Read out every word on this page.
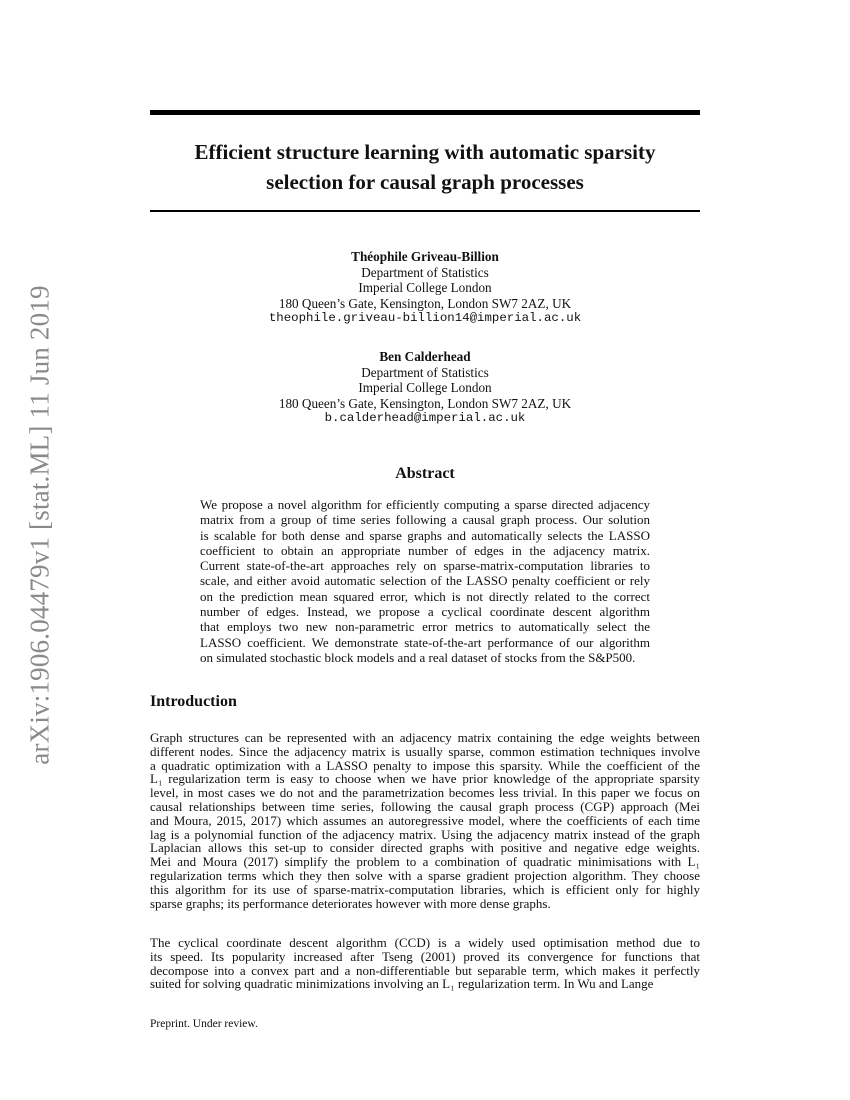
arXiv:1906.04479v1 [stat.ML] 11 Jun 2019
Efficient structure learning with automatic sparsity
selection for causal graph processes
Théophile Griveau-Billion
Department of Statistics
Imperial College London
180 Queen’s Gate, Kensington, London SW7 2AZ, UK
theophile.griveau-billion14@imperial.ac.uk
Ben Calderhead
Department of Statistics
Imperial College London
180 Queen’s Gate, Kensington, London SW7 2AZ, UK
b.calderhead@imperial.ac.uk
Abstract
We propose a novel algorithm for efficiently computing a sparse directed adjacency
matrix from a group of time series following a causal graph process. Our solution
is scalable for both dense and sparse graphs and automatically selects the LASSO
coefficient to obtain an appropriate number of edges in the adjacency matrix.
Current state-of-the-art approaches rely on sparse-matrix-computation libraries to
scale, and either avoid automatic selection of the LASSO penalty coefficient or rely
on the prediction mean squared error, which is not directly related to the correct
number of edges. Instead, we propose a cyclical coordinate descent algorithm
that employs two new non-parametric error metrics to automatically select the
LASSO coefficient. We demonstrate state-of-the-art performance of our algorithm
on simulated stochastic block models and a real dataset of stocks from the S&P500.
Introduction
Graph structures can be represented with an adjacency matrix containing the edge weights between
different nodes. Since the adjacency matrix is usually sparse, common estimation techniques involve
a quadratic optimization with a LASSO penalty to impose this sparsity. While the coefficient of the
L₁ regularization term is easy to choose when we have prior knowledge of the appropriate sparsity
level, in most cases we do not and the parametrization becomes less trivial. In this paper we focus on
causal relationships between time series, following the causal graph process (CGP) approach (Mei
and Moura, 2015, 2017) which assumes an autoregressive model, where the coefficients of each time
lag is a polynomial function of the adjacency matrix. Using the adjacency matrix instead of the graph
Laplacian allows this set-up to consider directed graphs with positive and negative edge weights.
Mei and Moura (2017) simplify the problem to a combination of quadratic minimisations with L₁
regularization terms which they then solve with a sparse gradient projection algorithm. They choose
this algorithm for its use of sparse-matrix-computation libraries, which is efficient only for highly
sparse graphs; its performance deteriorates however with more dense graphs.
The cyclical coordinate descent algorithm (CCD) is a widely used optimisation method due to
its speed. Its popularity increased after Tseng (2001) proved its convergence for functions that
decompose into a convex part and a non-differentiable but separable term, which makes it perfectly
suited for solving quadratic minimizations involving an L₁ regularization term. In Wu and Lange
Preprint. Under review.
